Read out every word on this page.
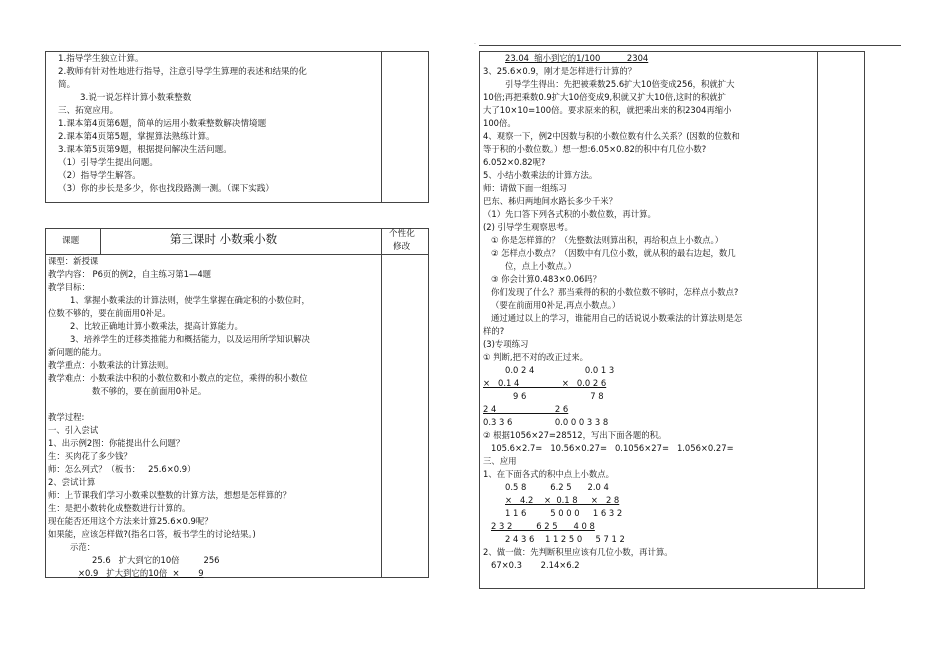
.
1.指导学生独立计算。
2.教师有针对性地进行指导，注意引导学生算理的表述和结果的化
简。
3.说一说怎样计算小数乘整数
三、拓宽应用。
1.课本第4页第6题，简单的运用小数乘整数解决情境题
2.课本第4页第5题，掌握算法熟练计算。
3.课本第5页第9题，根据提问解决生活问题。
（1）引导学生提出问题。
（2）指导学生解答。
（3）你的步长是多少，你也找段路测一测。（课下实践）
课题	第三课时 小数乘小数	个性化
修改
课型：新授课
教学内容： P6页的例2，自主练习第1—4题
教学目标：
1、掌握小数乘法的计算法则，使学生掌握在确定积的小数位时，
位数不够的，要在前面用0补足。
2、比较正确地计算小数乘法，提高计算能力。
3、培养学生的迁移类推能力和概括能力，以及运用所学知识解决
新问题的能力。
教学重点：小数乘法的计算法则。
教学难点：小数乘法中积的小数位数和小数点的定位，乘得的积小数位
数不够的，要在前面用0补足。
教学过程:
一、引入尝试
1、出示例2图：你能提出什么问题？
生：买肉花了多少钱？
师：怎么列式？（板书：   25.6×0.9）
2、尝试计算
师：上节课我们学习小数乘以整数的计算方法，想想是怎样算的？
生：是把小数转化成整数进行计算的。
现在能否还用这个方法来计算25.6×0.9呢？
如果能，应该怎样做?(指名口答，板书学生的讨论结果。)
示范：
25.6   扩大到它的10倍         256
×0.9   扩大到它的10倍  ×       9
23.04  缩小到它的1/100          2304
3、25.6×0.9，刚才是怎样进行计算的？
引导学生得出：先把被乘数25.6扩大10倍变成256，积就扩大
10倍;再把乘数0.9扩大10倍变成9,积就又扩大10倍,这时的积就扩
大了10×10=100倍。要求原来的积，就把乘出来的积2304再缩小
100倍。
4、观察一下，例2中因数与积的小数位数有什么关系？(因数的位数和
等于积的小数位数。）想一想:6.05×0.82的积中有几位小数?
6.052×0.82呢?
5、小结小数乘法的计算方法。
师：请做下面一组练习
巴东、秭归两地间水路长多少千米？
（1）先口答下列各式积的小数位数，再计算。
(2) 引导学生观察思考。
① 你是怎样算的？（先整数法则算出积，再给积点上小数点。）
② 怎样点小数点？（因数中有几位小数，就从积的最右边起，数几
位，点上小数点。）
③ 你会计算0.483×0.06吗？
你们发现了什么？那当乘得的积的小数位数不够时，怎样点小数点?
（要在前面用0补足,再点小数点。）
通过通过以上的学习，谁能用自己的话说说小数乘法的计算法则是怎
样的?
(3)专项练习
① 判断,把不对的改正过来。
0.0 2 4                   0.0 1 3
×   0.1 4                ×   0.0 2 6
9 6                        7 8
2 4                      2 6
0.3 3 6                0.0 0 0 3 3 8
② 根据1056×27=28512，写出下面各题的积。
105.6×2.7=   10.56×0.27=   0.1056×27=   1.056×0.27=
三、应用
1、在下面各式的积中点上小数点。
0.5 8         6.2 5      2.0 4
×   4.2    ×  0.1 8     ×   2 8
1 1 6         5 0 0 0     1 6 3 2
2 3 2         6 2 5      4 0 8
2 4 3 6    1 1 2 5 0     5 7 1 2
2、做一做：先判断积里应该有几位小数，再计算。
67×0.3       2.14×6.2
